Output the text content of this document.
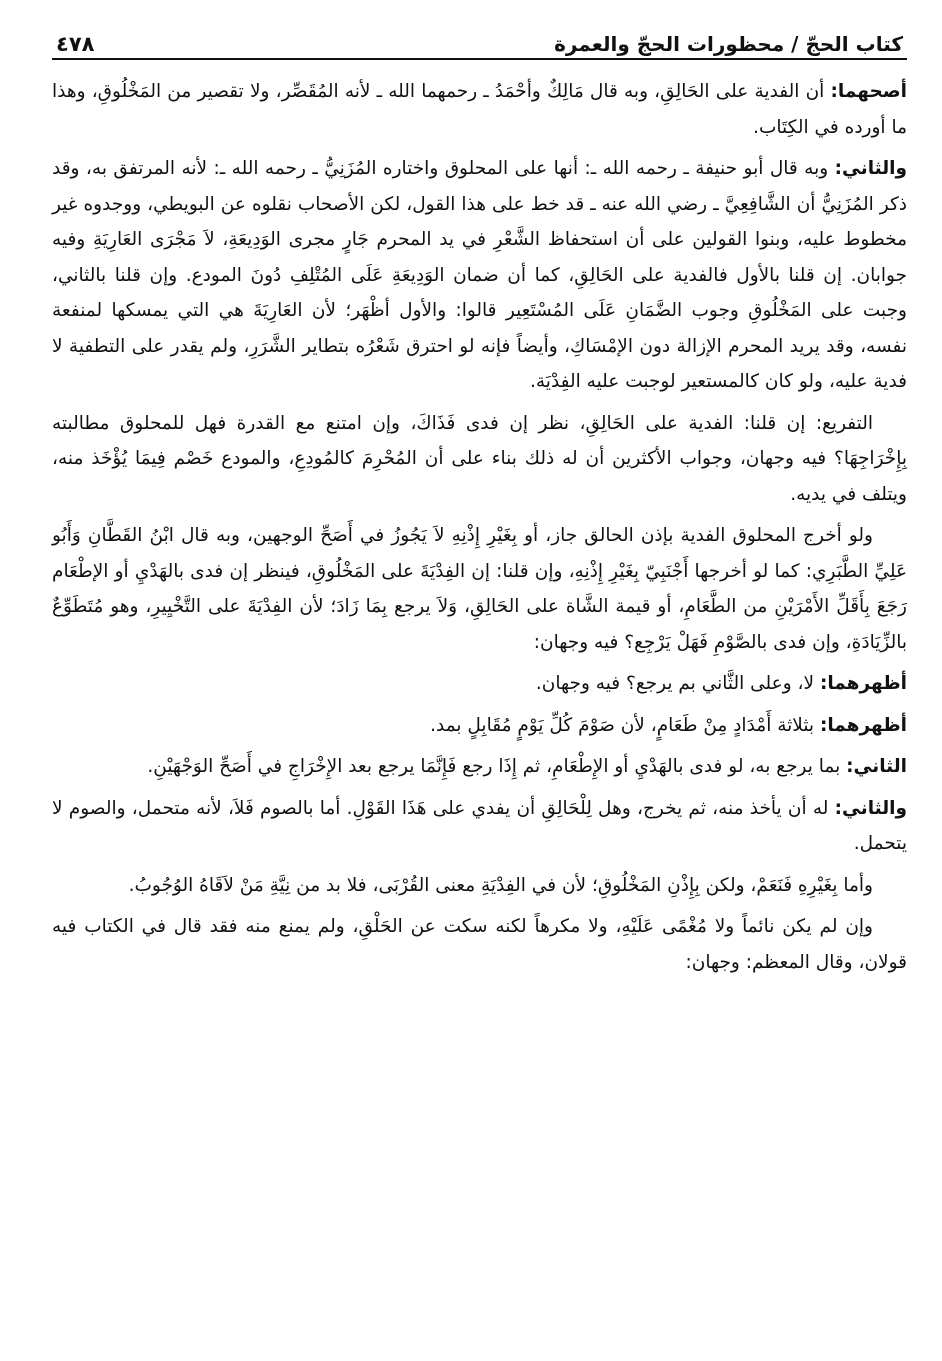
كتاب الحجّ / محظورات الحجّ والعمرة
٤٧٨

أصحهما: أن الفدية على الحَالِقِ، وبه قال مَالِكٌ وأحْمَدُ ـ رحمهما الله ـ لأنه المُقَصِّر، ولا تقصير من المَخْلُوقِ، وهذا ما أورده في الكِتَاب.

والثاني: وبه قال أبو حنيفة ـ رحمه الله ـ: أنها على المحلوق واختاره المُزَنِيُّ ـ رحمه الله ـ: لأنه المرتفق به، وقد ذكر المُزَنِيُّ أن الشَّافِعِيَّ ـ رضي الله عنه ـ قد خط على هذا القول، لكن الأصحاب نقلوه عن البويطي، ووجدوه غير مخطوط عليه، وبنوا القولين على أن استحفاظ الشَّعْرِ في يد المحرم جَارٍ مجرى الوَدِيعَةِ، لاَ مَجْرَى العَارِيَةِ وفيه جوابان. إن قلنا بالأول فالفدية على الحَالِقِ، كما أن ضمان الوَدِيعَةِ عَلَى المُتْلِفِ دُونَ المودع. وإن قلنا بالثاني، وجبت على المَخْلُوقِ وجوب الضَّمَانِ عَلَى المُسْتَعِير قالوا: والأول أظْهَر؛ لأن العَارِيَةَ هي التي يمسكها لمنفعة نفسه، وقد يريد المحرم الإزالة دون الإمْسَاكِ، وأيضاً فإنه لو احترق شَعْرُه بتطاير الشَّرَرِ، ولم يقدر على التطفية لا فدية عليه، ولو كان كالمستعير لوجبت عليه الفِدْيَة.

التفريع: إن قلنا: الفدية على الحَالِقِ، نظر إن فدى فَذَاكَ، وإن امتنع مع القدرة فهل للمحلوق مطالبته بِإِخْرَاجِهَا؟ فيه وجهان، وجواب الأكثرين أن له ذلك بناء على أن المُحْرِمَ كالمُودِعِ، والمودع خَصْم فِيمَا يُؤْخَذ منه، ويتلف في يديه.

ولو أخرج المحلوق الفدية بإذن الحالق جاز، أو بِغَيْرِ إِذْنِهِ لاَ يَجُوزُ في أَصَحِّ الوجهين، وبه قال ابْنُ القَطَّانِ وَأَبُو عَلِيِّ الطَّبَرِي: كما لو أخرجها أَجْنَبِيّ بِغَيْرِ إِذْنِهِ، وإن قلنا: إن الفِدْيَةَ على المَخْلُوقِ، فينظر إن فدى بالهَدْيِ أو الإطْعَام رَجَعَ بِأَقَلِّ الأَمْرَيْنِ من الطَّعَامِ، أو قيمة الشَّاة على الحَالِقِ، وَلاَ يرجع بِمَا زَادَ؛ لأن الفِدْيَةَ على التَّخْيِيرِ، وهو مُتَطَوِّعٌ بالزِّيَادَةِ، وإن فدى بالصَّوْمِ فَهَلْ يَرْجِع؟ فيه وجهان:

أظهرهما: لا، وعلى الثَّاني بم يرجع؟ فيه وجهان.

أظهرهما: بثلاثة أَمْدَادٍ مِنْ طَعَامٍ، لأن صَوْمَ كُلِّ يَوْمٍ مُقَابِلٍ بمد.

الثاني: بما يرجع به، لو فدى بالهَدْيِ أو الإِطْعَامِ، ثم إِذَا رجع فَإِنَّمَا يرجع بعد الإِخْرَاجِ في أَصَحِّ الوَجْهَيْنِ.

والثاني: له أن يأخذ منه، ثم يخرج، وهل لِلْحَالِقِ أن يفدي على هَذَا القَوْلِ. أما بالصوم فَلاَ، لأنه متحمل، والصوم لا يتحمل.

وأما بِغَيْرِهِ فَنَعَمْ، ولكن بِإِذْنِ المَخْلُوقِ؛ لأن في الفِدْيَةِ معنى القُرْبَى، فلا بد من نِيَّةِ مَنْ لاَقَاهُ الوُجُوبُ.

وإن لم يكن نائماً ولا مُغْمًى عَلَيْهِ، ولا مكرهاً لكنه سكت عن الحَلْقِ، ولم يمنع منه فقد قال في الكتاب فيه قولان، وقال المعظم: وجهان:
